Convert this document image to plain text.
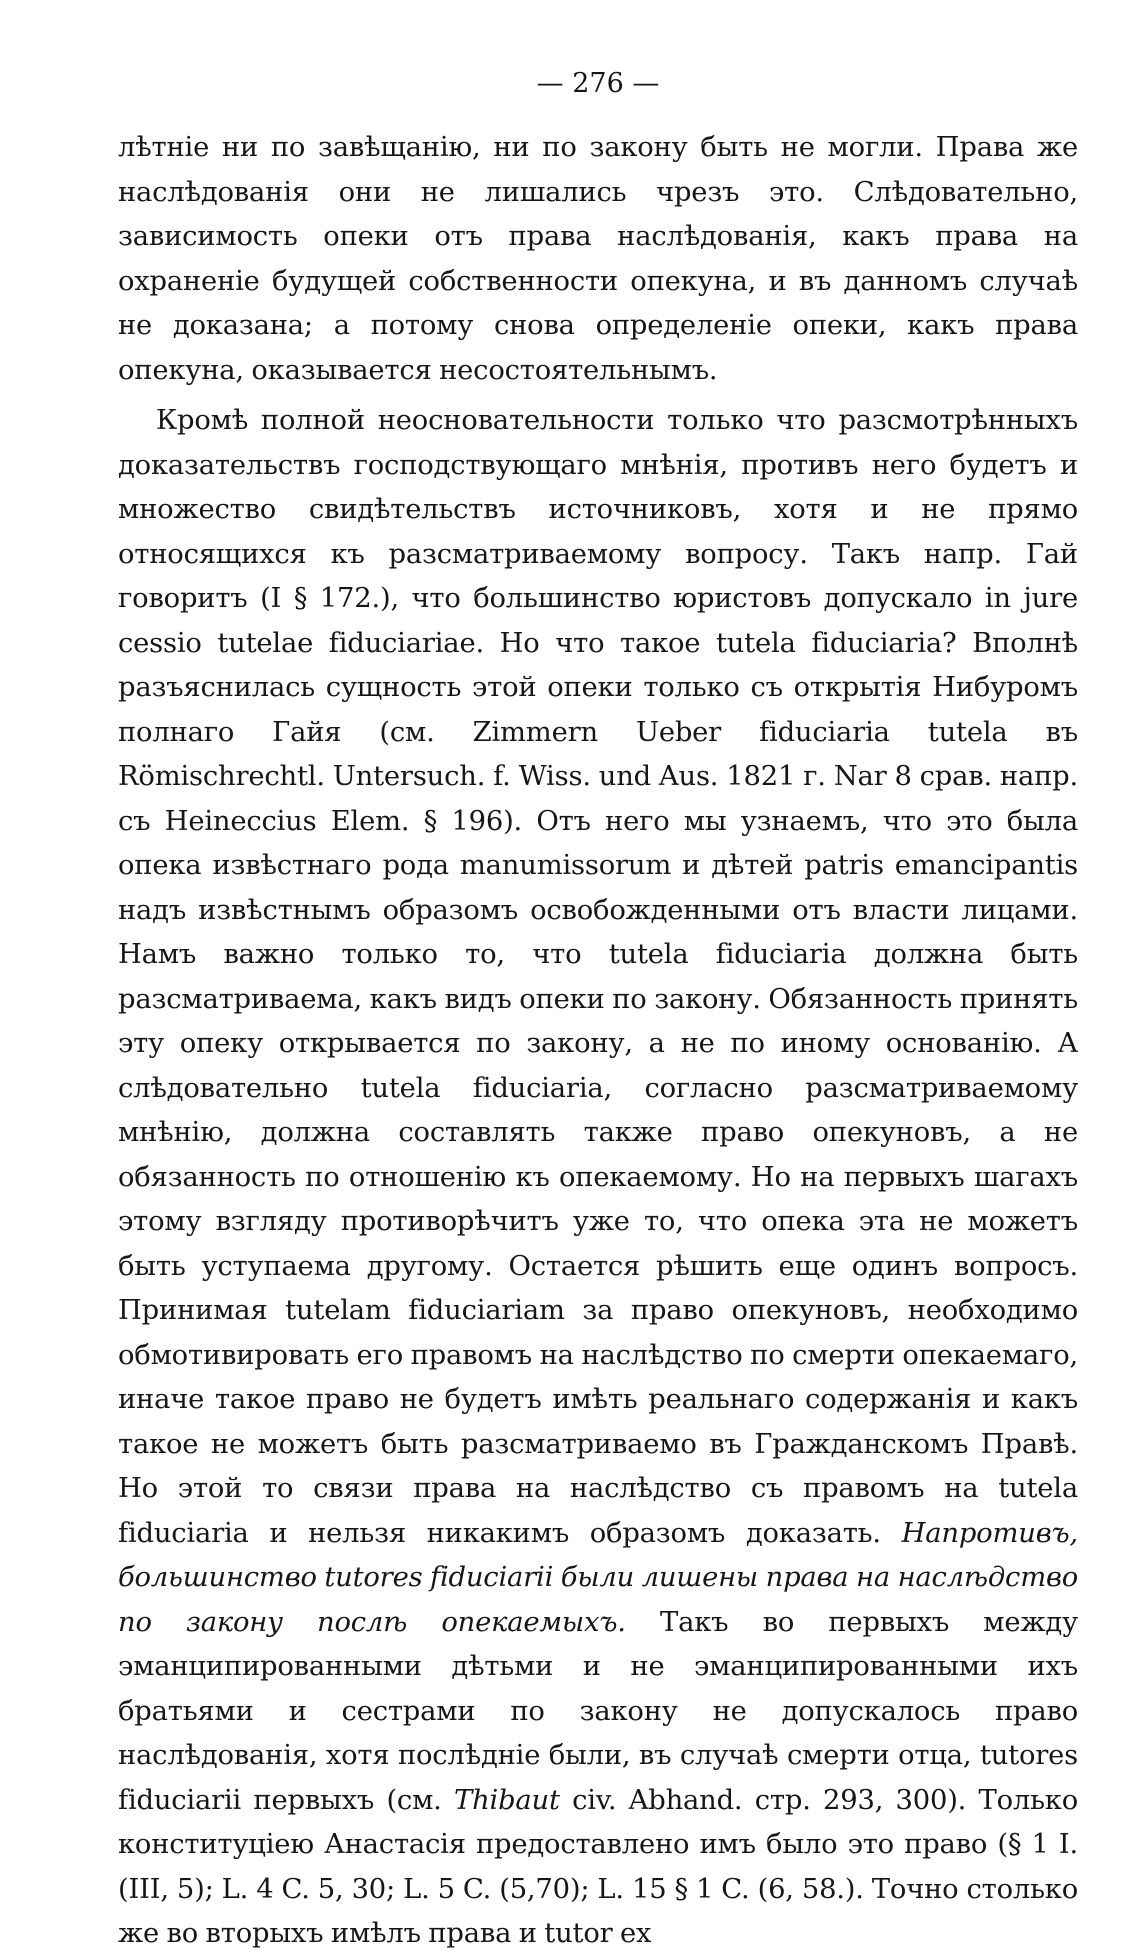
— 276 —

лѣтніе ни по завѣщанію, ни по закону быть не могли. Права же наслѣдованія они не лишались чрезъ это. Слѣдовательно, зависимость опеки отъ права наслѣдованія, какъ права на охраненіе будущей собственности опекуна, и въ данномъ случаѣ не доказана; а потому снова определеніе опеки, какъ права опекуна, оказывается несостоятельнымъ.

Кромѣ полной неосновательности только что разсмотрѣнныхъ доказательствъ господствующаго мнѣнія, противъ него будетъ и множество свидѣтельствъ источниковъ, хотя и не прямо относящихся къ разсматриваемому вопросу. Такъ напр. Гай говоритъ (I § 172.), что большинство юристовъ допускало in jure cessio tutelae fiduciariae. Но что такое tutela fiduciaria? Вполнѣ разъяснилась сущность этой опеки только съ открытія Нибуромъ полнаго Гайя (см. Zimmern Ueber fiduciaria tutela въ Römischrechtl. Untersuch. f. Wiss. und Aus. 1821 г. Nar 8 срав. напр. съ Heineccius Elem. § 196). Отъ него мы узнаемъ, что это была опека извѣстнаго рода manumissorum и дѣтей patris emancipantis надъ извѣстнымъ образомъ освобожденными отъ власти лицами. Намъ важно только то, что tutela fiduciaria должна быть разсматриваема, какъ видъ опеки по закону. Обязанность принять эту опеку открывается по закону, а не по иному основанію. А слѣдовательно tutela fiduciaria, согласно разсматриваемому мнѣнію, должна составлять также право опекуновъ, а не обязанность по отношенію къ опекаемому. Но на первыхъ шагахъ этому взгляду противорѣчитъ уже то, что опека эта не можетъ быть уступаема другому. Остается рѣшить еще одинъ вопросъ. Принимая tutelam fiduciariam за право опекуновъ, необходимо обмотивировать его правомъ на наслѣдство по смерти опекаемаго, иначе такое право не будетъ имѣть реальнаго содержанія и какъ такое не можетъ быть разсматриваемо въ Гражданскомъ Правѣ. Но этой то связи права на наслѣдство съ правомъ на tutela fiduciaria и нельзя никакимъ образомъ доказать. Напротивъ, большинство tutores fiduciarii были лишены права на наслѣдство по закону послѣ опекаемыхъ. Такъ во первыхъ между эманципированными дѣтьми и не эманципированными ихъ братьями и сестрами по закону не допускалось право наслѣдованія, хотя послѣдніе были, въ случаѣ смерти отца, tutores fiduciarii первыхъ (см. Thibaut civ. Abhand. стр. 293, 300). Только конституціею Анастасія предоставлено имъ было это право (§ 1 I. (III, 5); L. 4 C. 5, 30; L. 5 C. (5,70); L. 15 § 1 C. (6, 58.). Точно столько же во вторыхъ имѣлъ права и tutor ex
